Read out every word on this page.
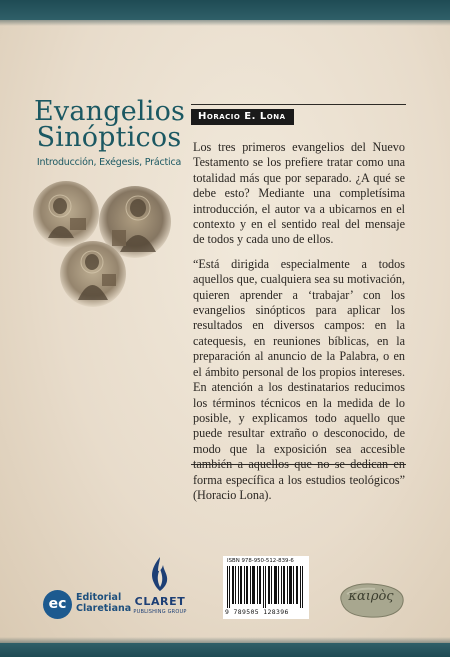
Evangelios
Sinópticos
Introducción, Exégesis, Práctica
Horacio E. Lona

Los tres primeros evangelios del Nuevo Testamento se los prefiere tratar como una totalidad más que por separado. ¿A qué se debe esto? Mediante una completísima introducción, el autor va a ubicarnos en el contexto y en el sentido real del mensaje de todos y cada uno de ellos.

“Está dirigida especialmente a todos aquellos que, cualquiera sea su motivación, quieren aprender a ‘trabajar’ con los evangelios sinópticos para aplicar los resultados en diversos campos: en la catequesis, en reuniones bíblicas, en la preparación al anuncio de la Palabra, o en el ámbito personal de los propios intereses. En atención a los destinatarios reducimos los términos técnicos en la medida de lo posible, y explicamos todo aquello que puede resultar extraño o desconocido, de modo que la exposición sea accesible también a aquellos que no se dedican en forma específica a los estudios teológicos” (Horacio Lona).

ec	Editorial
Claretiana
CLARET
PUBLISHING GROUP
ISBN 978-950-512-839-6
9 789505 128396
καιρὸς
